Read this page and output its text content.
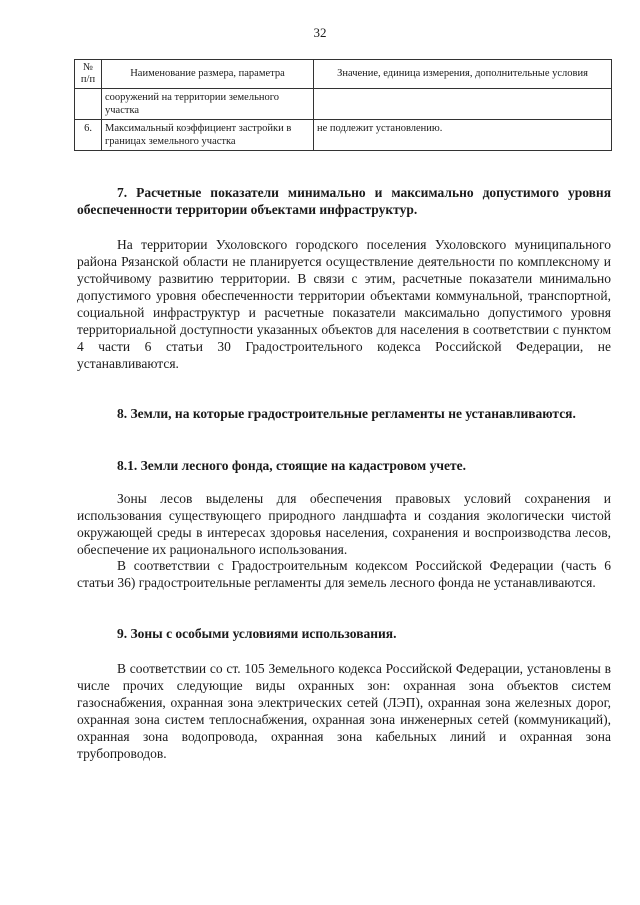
32
№ п/п	Наименование размера, параметра	Значение, единица измерения, дополнительные условия
	сооружений на территории земельного участка	
6.	Максимальный коэффициент застройки в границах земельного участка	не подлежит установлению.
7. Расчетные показатели минимально и максимально допустимого уровня обеспеченности территории объектами инфраструктур.

На территории Ухоловского городского поселения Ухоловского муниципального района Рязанской области не планируется осуществление деятельности по комплексному и устойчивому развитию территории. В связи с этим, расчетные показатели минимально допустимого уровня обеспеченности территории объектами коммунальной, транспортной, социальной инфраструктур и расчетные показатели максимально допустимого уровня территориальной доступности указанных объектов для населения в соответствии с пунктом 4 части 6 статьи 30 Градостроительного кодекса Российской Федерации, не устанавливаются.

8. Земли, на которые градостроительные регламенты не устанавливаются.
8.1. Земли лесного фонда, стоящие на кадастровом учете.

Зоны лесов выделены для обеспечения правовых условий сохранения и использования существующего природного ландшафта и создания экологически чистой окружающей среды в интересах здоровья населения, сохранения и воспроизводства лесов, обеспечение их рационального использования.

В соответствии с Градостроительным кодексом Российской Федерации (часть 6 статьи 36) градостроительные регламенты для земель лесного фонда не устанавливаются.

9. Зоны с особыми условиями использования.

В соответствии со ст. 105 Земельного кодекса Российской Федерации, установлены в числе прочих следующие виды охранных зон: охранная зона объектов систем газоснабжения, охранная зона электрических сетей (ЛЭП), охранная зона железных дорог, охранная зона систем теплоснабжения, охранная зона инженерных сетей (коммуникаций), охранная зона водопровода, охранная зона кабельных линий и охранная зона трубопроводов.
